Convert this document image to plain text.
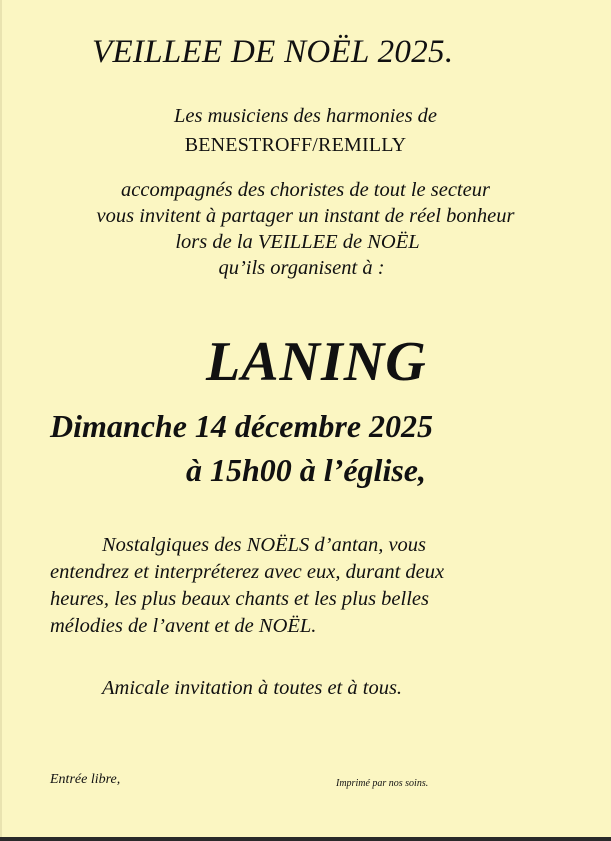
VEILLEE DE NOËL 2025.
Les musiciens des harmonies de
BENESTROFF/REMILLY
accompagnés des choristes de tout le secteur
vous invitent à partager un instant de réel bonheur
lors de la VEILLEE de NOËL
qu’ils organisent à :
LANING
Dimanche 14 décembre 2025
à 15h00 à l’église,
Nostalgiques des NOËLS d’antan, vous
entendrez et interpréterez avec eux, durant deux
heures, les plus beaux chants et les plus belles
mélodies de l’avent et de NOËL.
Amicale invitation à toutes et à tous.
Entrée libre,	Imprimé par nos soins.
